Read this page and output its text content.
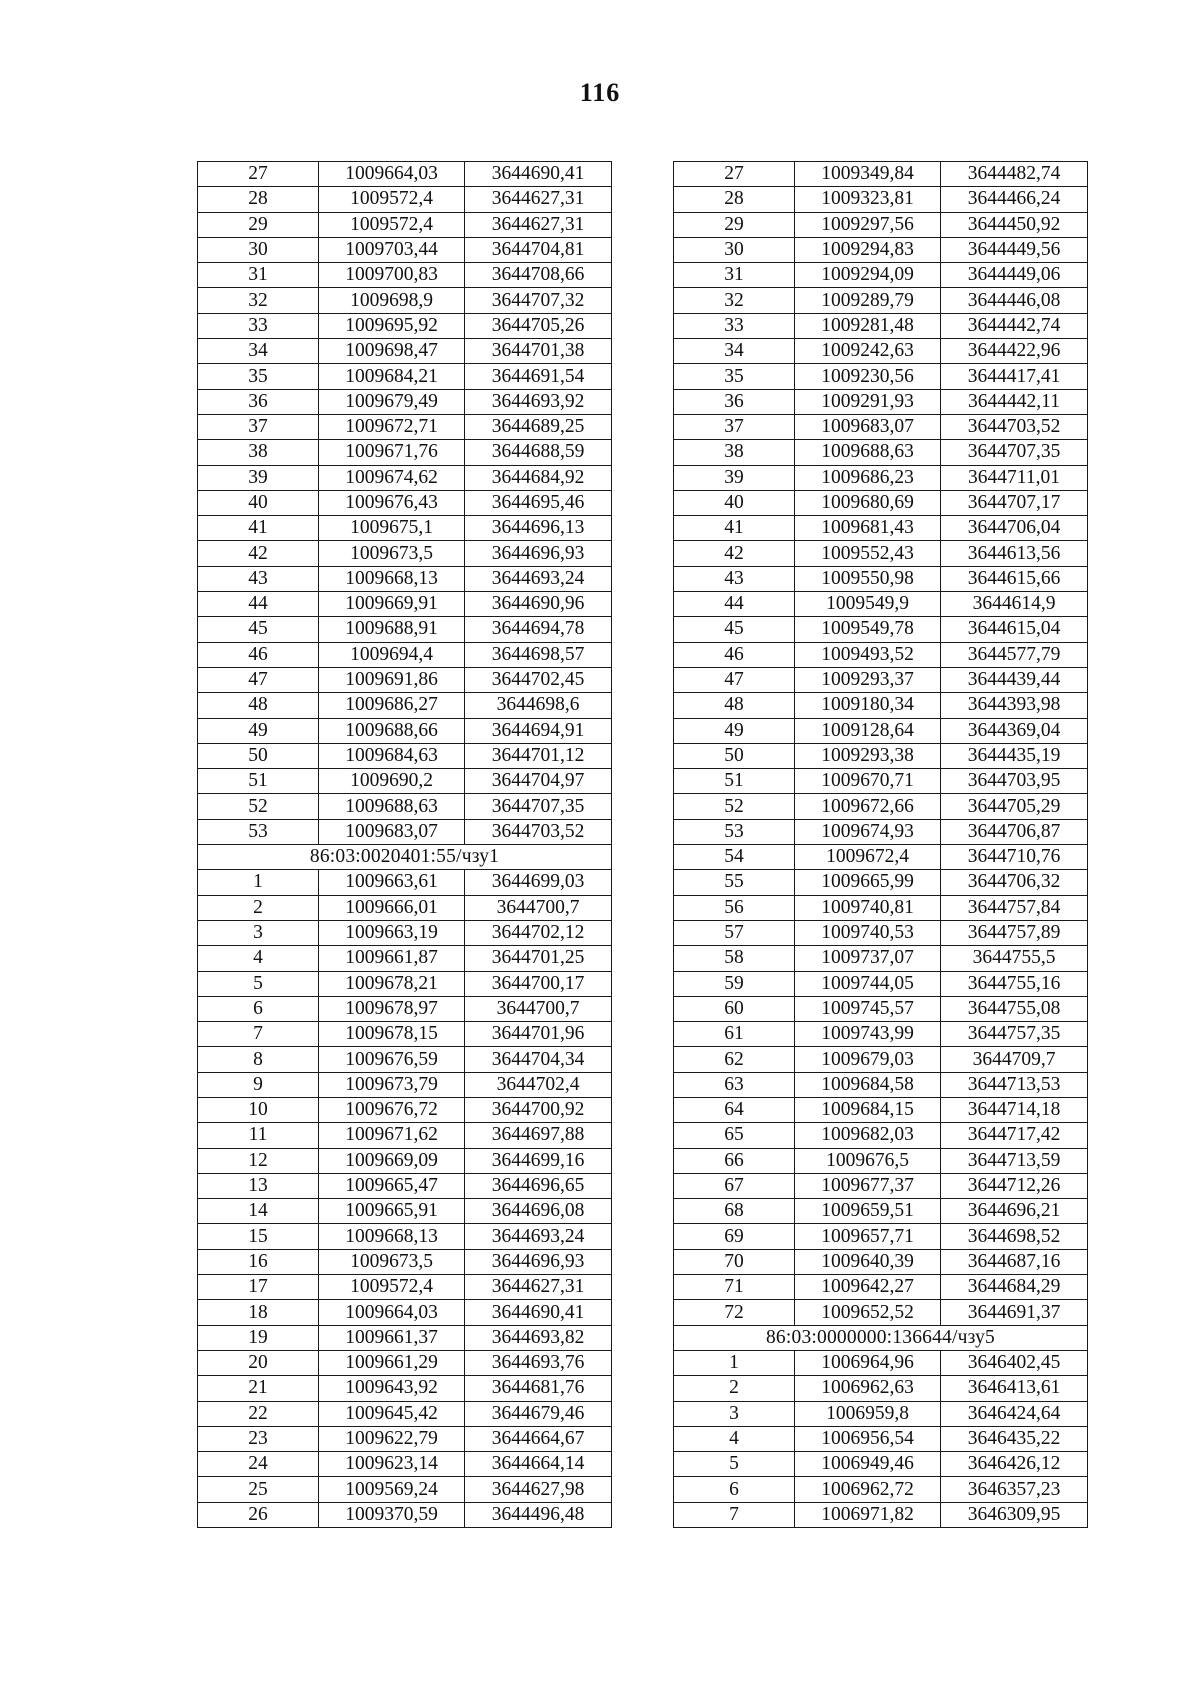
116
27	1009664,03	3644690,41
28	1009572,4	3644627,31
29	1009572,4	3644627,31
30	1009703,44	3644704,81
31	1009700,83	3644708,66
32	1009698,9	3644707,32
33	1009695,92	3644705,26
34	1009698,47	3644701,38
35	1009684,21	3644691,54
36	1009679,49	3644693,92
37	1009672,71	3644689,25
38	1009671,76	3644688,59
39	1009674,62	3644684,92
40	1009676,43	3644695,46
41	1009675,1	3644696,13
42	1009673,5	3644696,93
43	1009668,13	3644693,24
44	1009669,91	3644690,96
45	1009688,91	3644694,78
46	1009694,4	3644698,57
47	1009691,86	3644702,45
48	1009686,27	3644698,6
49	1009688,66	3644694,91
50	1009684,63	3644701,12
51	1009690,2	3644704,97
52	1009688,63	3644707,35
53	1009683,07	3644703,52
86:03:0020401:55/чзу1		
1	1009663,61	3644699,03
2	1009666,01	3644700,7
3	1009663,19	3644702,12
4	1009661,87	3644701,25
5	1009678,21	3644700,17
6	1009678,97	3644700,7
7	1009678,15	3644701,96
8	1009676,59	3644704,34
9	1009673,79	3644702,4
10	1009676,72	3644700,92
11	1009671,62	3644697,88
12	1009669,09	3644699,16
13	1009665,47	3644696,65
14	1009665,91	3644696,08
15	1009668,13	3644693,24
16	1009673,5	3644696,93
17	1009572,4	3644627,31
18	1009664,03	3644690,41
19	1009661,37	3644693,82
20	1009661,29	3644693,76
21	1009643,92	3644681,76
22	1009645,42	3644679,46
23	1009622,79	3644664,67
24	1009623,14	3644664,14
25	1009569,24	3644627,98
26	1009370,59	3644496,48
27	1009349,84	3644482,74
28	1009323,81	3644466,24
29	1009297,56	3644450,92
30	1009294,83	3644449,56
31	1009294,09	3644449,06
32	1009289,79	3644446,08
33	1009281,48	3644442,74
34	1009242,63	3644422,96
35	1009230,56	3644417,41
36	1009291,93	3644442,11
37	1009683,07	3644703,52
38	1009688,63	3644707,35
39	1009686,23	3644711,01
40	1009680,69	3644707,17
41	1009681,43	3644706,04
42	1009552,43	3644613,56
43	1009550,98	3644615,66
44	1009549,9	3644614,9
45	1009549,78	3644615,04
46	1009493,52	3644577,79
47	1009293,37	3644439,44
48	1009180,34	3644393,98
49	1009128,64	3644369,04
50	1009293,38	3644435,19
51	1009670,71	3644703,95
52	1009672,66	3644705,29
53	1009674,93	3644706,87
54	1009672,4	3644710,76
55	1009665,99	3644706,32
56	1009740,81	3644757,84
57	1009740,53	3644757,89
58	1009737,07	3644755,5
59	1009744,05	3644755,16
60	1009745,57	3644755,08
61	1009743,99	3644757,35
62	1009679,03	3644709,7
63	1009684,58	3644713,53
64	1009684,15	3644714,18
65	1009682,03	3644717,42
66	1009676,5	3644713,59
67	1009677,37	3644712,26
68	1009659,51	3644696,21
69	1009657,71	3644698,52
70	1009640,39	3644687,16
71	1009642,27	3644684,29
72	1009652,52	3644691,37
86:03:0000000:136644/чзу5		
1	1006964,96	3646402,45
2	1006962,63	3646413,61
3	1006959,8	3646424,64
4	1006956,54	3646435,22
5	1006949,46	3646426,12
6	1006962,72	3646357,23
7	1006971,82	3646309,95
